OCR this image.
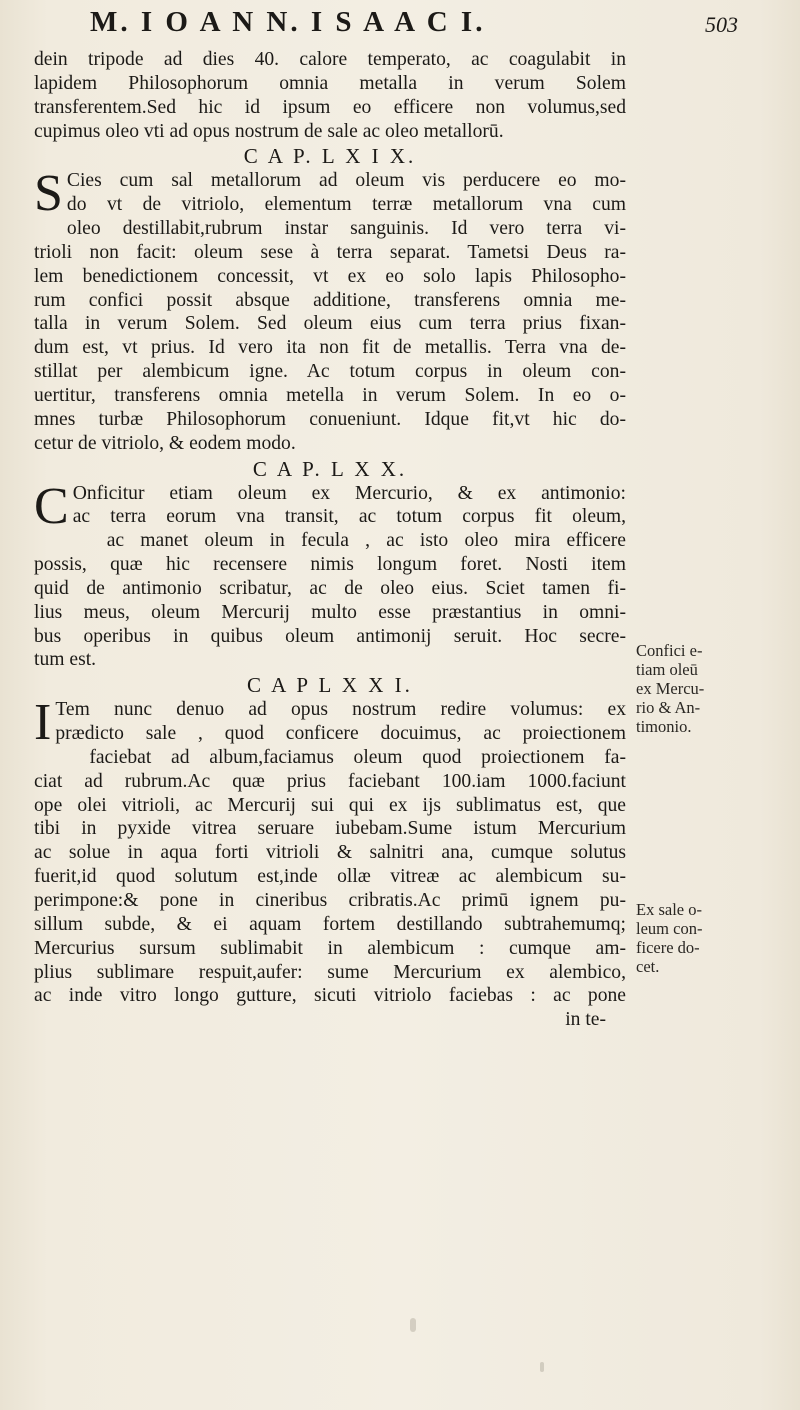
M. I O A N N. I S A A C I.	503
dein tripode ad dies 40. calore temperato, ac coagulabit in
lapidem Philosophorum omnia metalla in verum Solem
transferentem.Sed hic id ipsum eo efficere non volumus,sed
cupimus oleo vti ad opus nostrum de sale ac oleo metallorū.
C A P. L X I X.
S Cies cum sal metallorum ad oleum vis perducere eo mo-
do vt de vitriolo, elementum terræ metallorum vna cum
oleo destillabit,rubrum instar sanguinis. Id vero terra vi-
trioli non facit: oleum sese à terra separat. Tametsi Deus ra-
lem benedictionem concessit, vt ex eo solo lapis Philosopho-
rum confici possit absque additione, transferens omnia me-
talla in verum Solem. Sed oleum eius cum terra prius fixan-
dum est, vt prius. Id vero ita non fit de metallis. Terra vna de-
stillat per alembicum igne. Ac totum corpus in oleum con-
uertitur, transferens omnia metella in verum Solem. In eo o-
mnes turbæ Philosophorum conueniunt. Idque fit,vt hic do-
cetur de vitriolo, & eodem modo.
C A P. L X X.
C Onficitur etiam oleum ex Mercurio, & ex antimonio:
ac terra eorum vna transit, ac totum corpus fit oleum,
ac manet oleum in fecula , ac isto oleo mira efficere
possis, quæ hic recensere nimis longum foret. Nosti item
quid de antimonio scribatur, ac de oleo eius. Sciet tamen fi-
lius meus, oleum Mercurij multo esse præstantius in omni-
bus operibus in quibus oleum antimonij seruit. Hoc secre-
tum est.
C A P L X X I.
I Tem nunc denuo ad opus nostrum redire volumus: ex
prædicto sale , quod conficere docuimus, ac proiectionem
faciebat ad album,faciamus oleum quod proiectionem fa-
ciat ad rubrum.Ac quæ prius faciebant 100.iam 1000.faciunt
ope olei vitrioli, ac Mercurij sui qui ex ijs sublimatus est, que
tibi in pyxide vitrea seruare iubebam.Sume istum Mercurium
ac solue in aqua forti vitrioli & salnitri ana, cumque solutus
fuerit,id quod solutum est,inde ollæ vitreæ ac alembicum su-
perimpone:& pone in cineribus cribratis.Ac primū ignem pu-
sillum subde, & ei aquam fortem destillando subtrahemumq;
Mercurius sursum sublimabit in alembicum : cumque am-
plius sublimare respuit,aufer: sume Mercurium ex alembico,
ac inde vitro longo gutture, sicuti vitriolo faciebas : ac pone
in te-
Confici e-
tiam oleū
ex Mercu-
rio & An-
timonio.
Ex sale o-
leum con-
ficere do-
cet.
